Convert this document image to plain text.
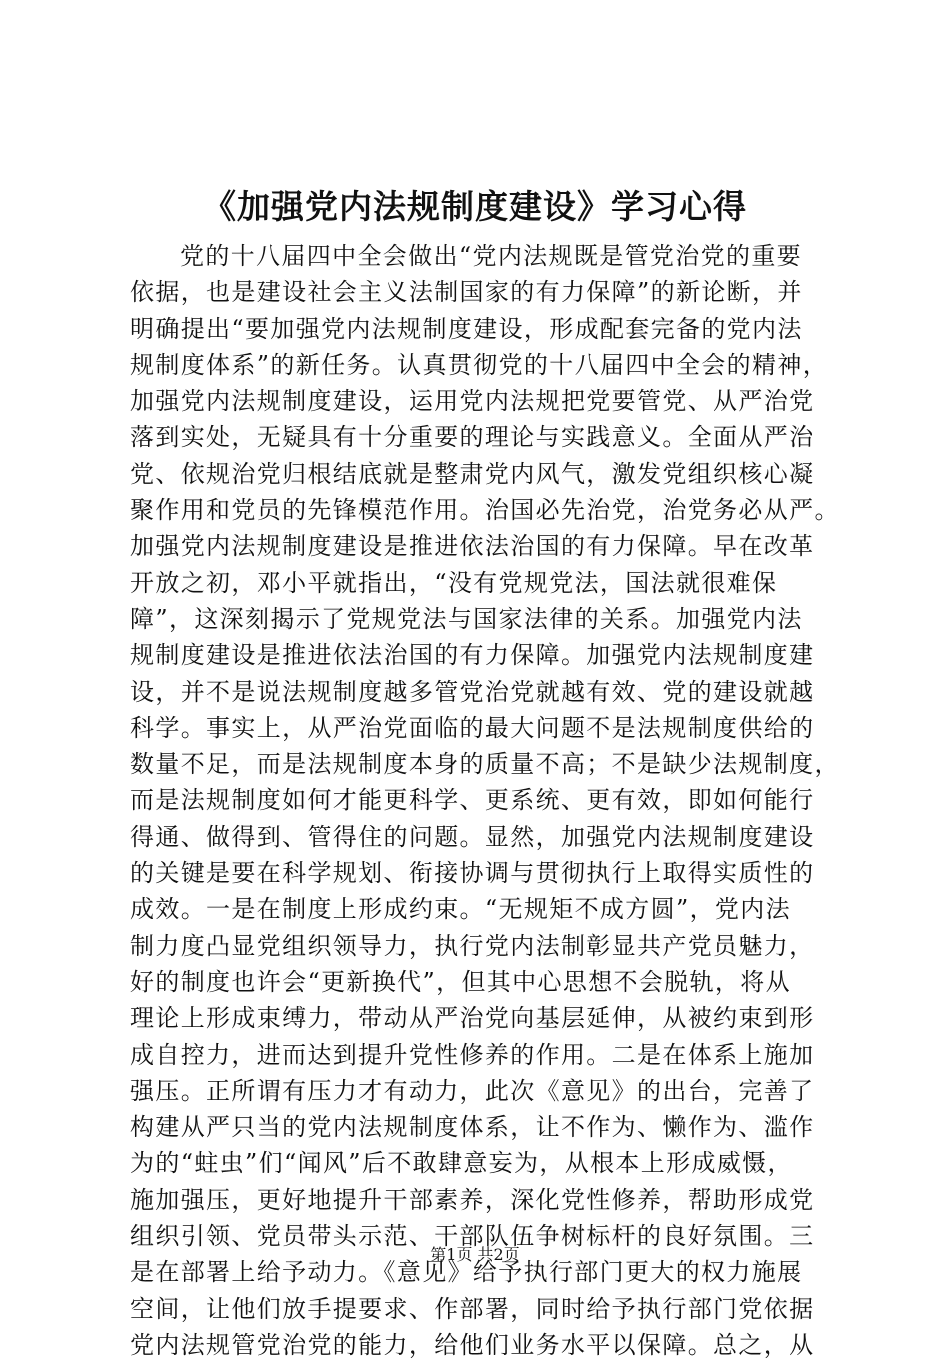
《加强党内法规制度建设》学习心得
党的十八届四中全会做出“党内法规既是管党治党的重要
依据，也是建设社会主义法制国家的有力保障”的新论断，并
明确提出“要加强党内法规制度建设，形成配套完备的党内法
规制度体系”的新任务。认真贯彻党的十八届四中全会的精神，
加强党内法规制度建设，运用党内法规把党要管党、从严治党
落到实处，无疑具有十分重要的理论与实践意义。全面从严治
党、依规治党归根结底就是整肃党内风气，激发党组织核心凝
聚作用和党员的先锋模范作用。治国必先治党，治党务必从严。
加强党内法规制度建设是推进依法治国的有力保障。早在改革
开放之初，邓小平就指出，“没有党规党法，国法就很难保
障”，这深刻揭示了党规党法与国家法律的关系。加强党内法
规制度建设是推进依法治国的有力保障。加强党内法规制度建
设，并不是说法规制度越多管党治党就越有效、党的建设就越
科学。事实上，从严治党面临的最大问题不是法规制度供给的
数量不足，而是法规制度本身的质量不高；不是缺少法规制度，
而是法规制度如何才能更科学、更系统、更有效，即如何能行
得通、做得到、管得住的问题。显然，加强党内法规制度建设
的关键是要在科学规划、衔接协调与贯彻执行上取得实质性的
成效。一是在制度上形成约束。“无规矩不成方圆”，党内法
制力度凸显党组织领导力，执行党内法制彰显共产党员魅力，
好的制度也许会“更新换代”，但其中心思想不会脱轨，将从
理论上形成束缚力，带动从严治党向基层延伸，从被约束到形
成自控力，进而达到提升党性修养的作用。二是在体系上施加
强压。正所谓有压力才有动力，此次《意见》的出台，完善了
构建从严只当的党内法规制度体系，让不作为、懒作为、滥作
为的“蛀虫”们“闻风”后不敢肆意妄为，从根本上形成威慑，
施加强压，更好地提升干部素养，深化党性修养，帮助形成党
组织引领、党员带头示范、干部队伍争树标杆的良好氛围。三
是在部署上给予动力。《意见》给予执行部门更大的权力施展
空间，让他们放手提要求、作部署，同时给予执行部门党依据
党内法规管党治党的能力，给他们业务水平以保障。总之，从
第1页 共2页
